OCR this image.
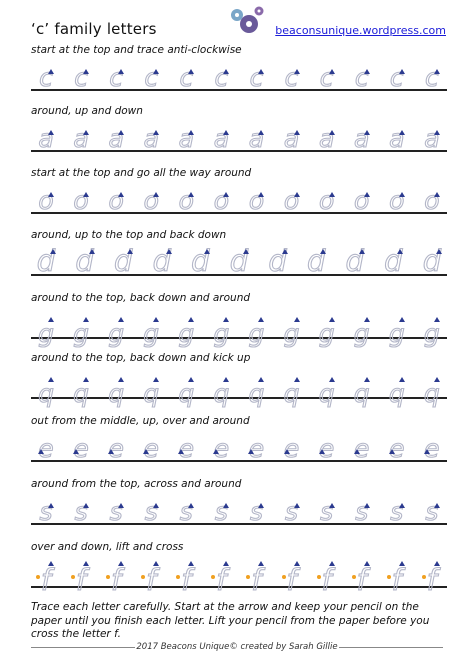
‘c’ family letters	beaconsunique.wordpress.com
start at the top and trace anti-clockwise
c c c c c c c c c c c c
around, up and down
a a a a a a a a a a a a
start at the top and go all the way around
o o o o o o o o o o o o
around, up to the top and back down
d d d d d d d d d d d
around to the top, back down and around
g g g g g g g g g g g g
around to the top, back down and kick up
q q q q q q q q q q q q
out from the middle, up, over and around
e e e e e e e e e e e e
around from the top, across and around
s s s s s s s s s s s s
over and down, lift and cross
f f f f f f f f f f f f
Trace each letter carefully. Start at the arrow and keep your pencil on the paper until you finish each letter. Lift your pencil from the paper before you cross the letter f.
2017 Beacons Unique© created by Sarah Gillie
